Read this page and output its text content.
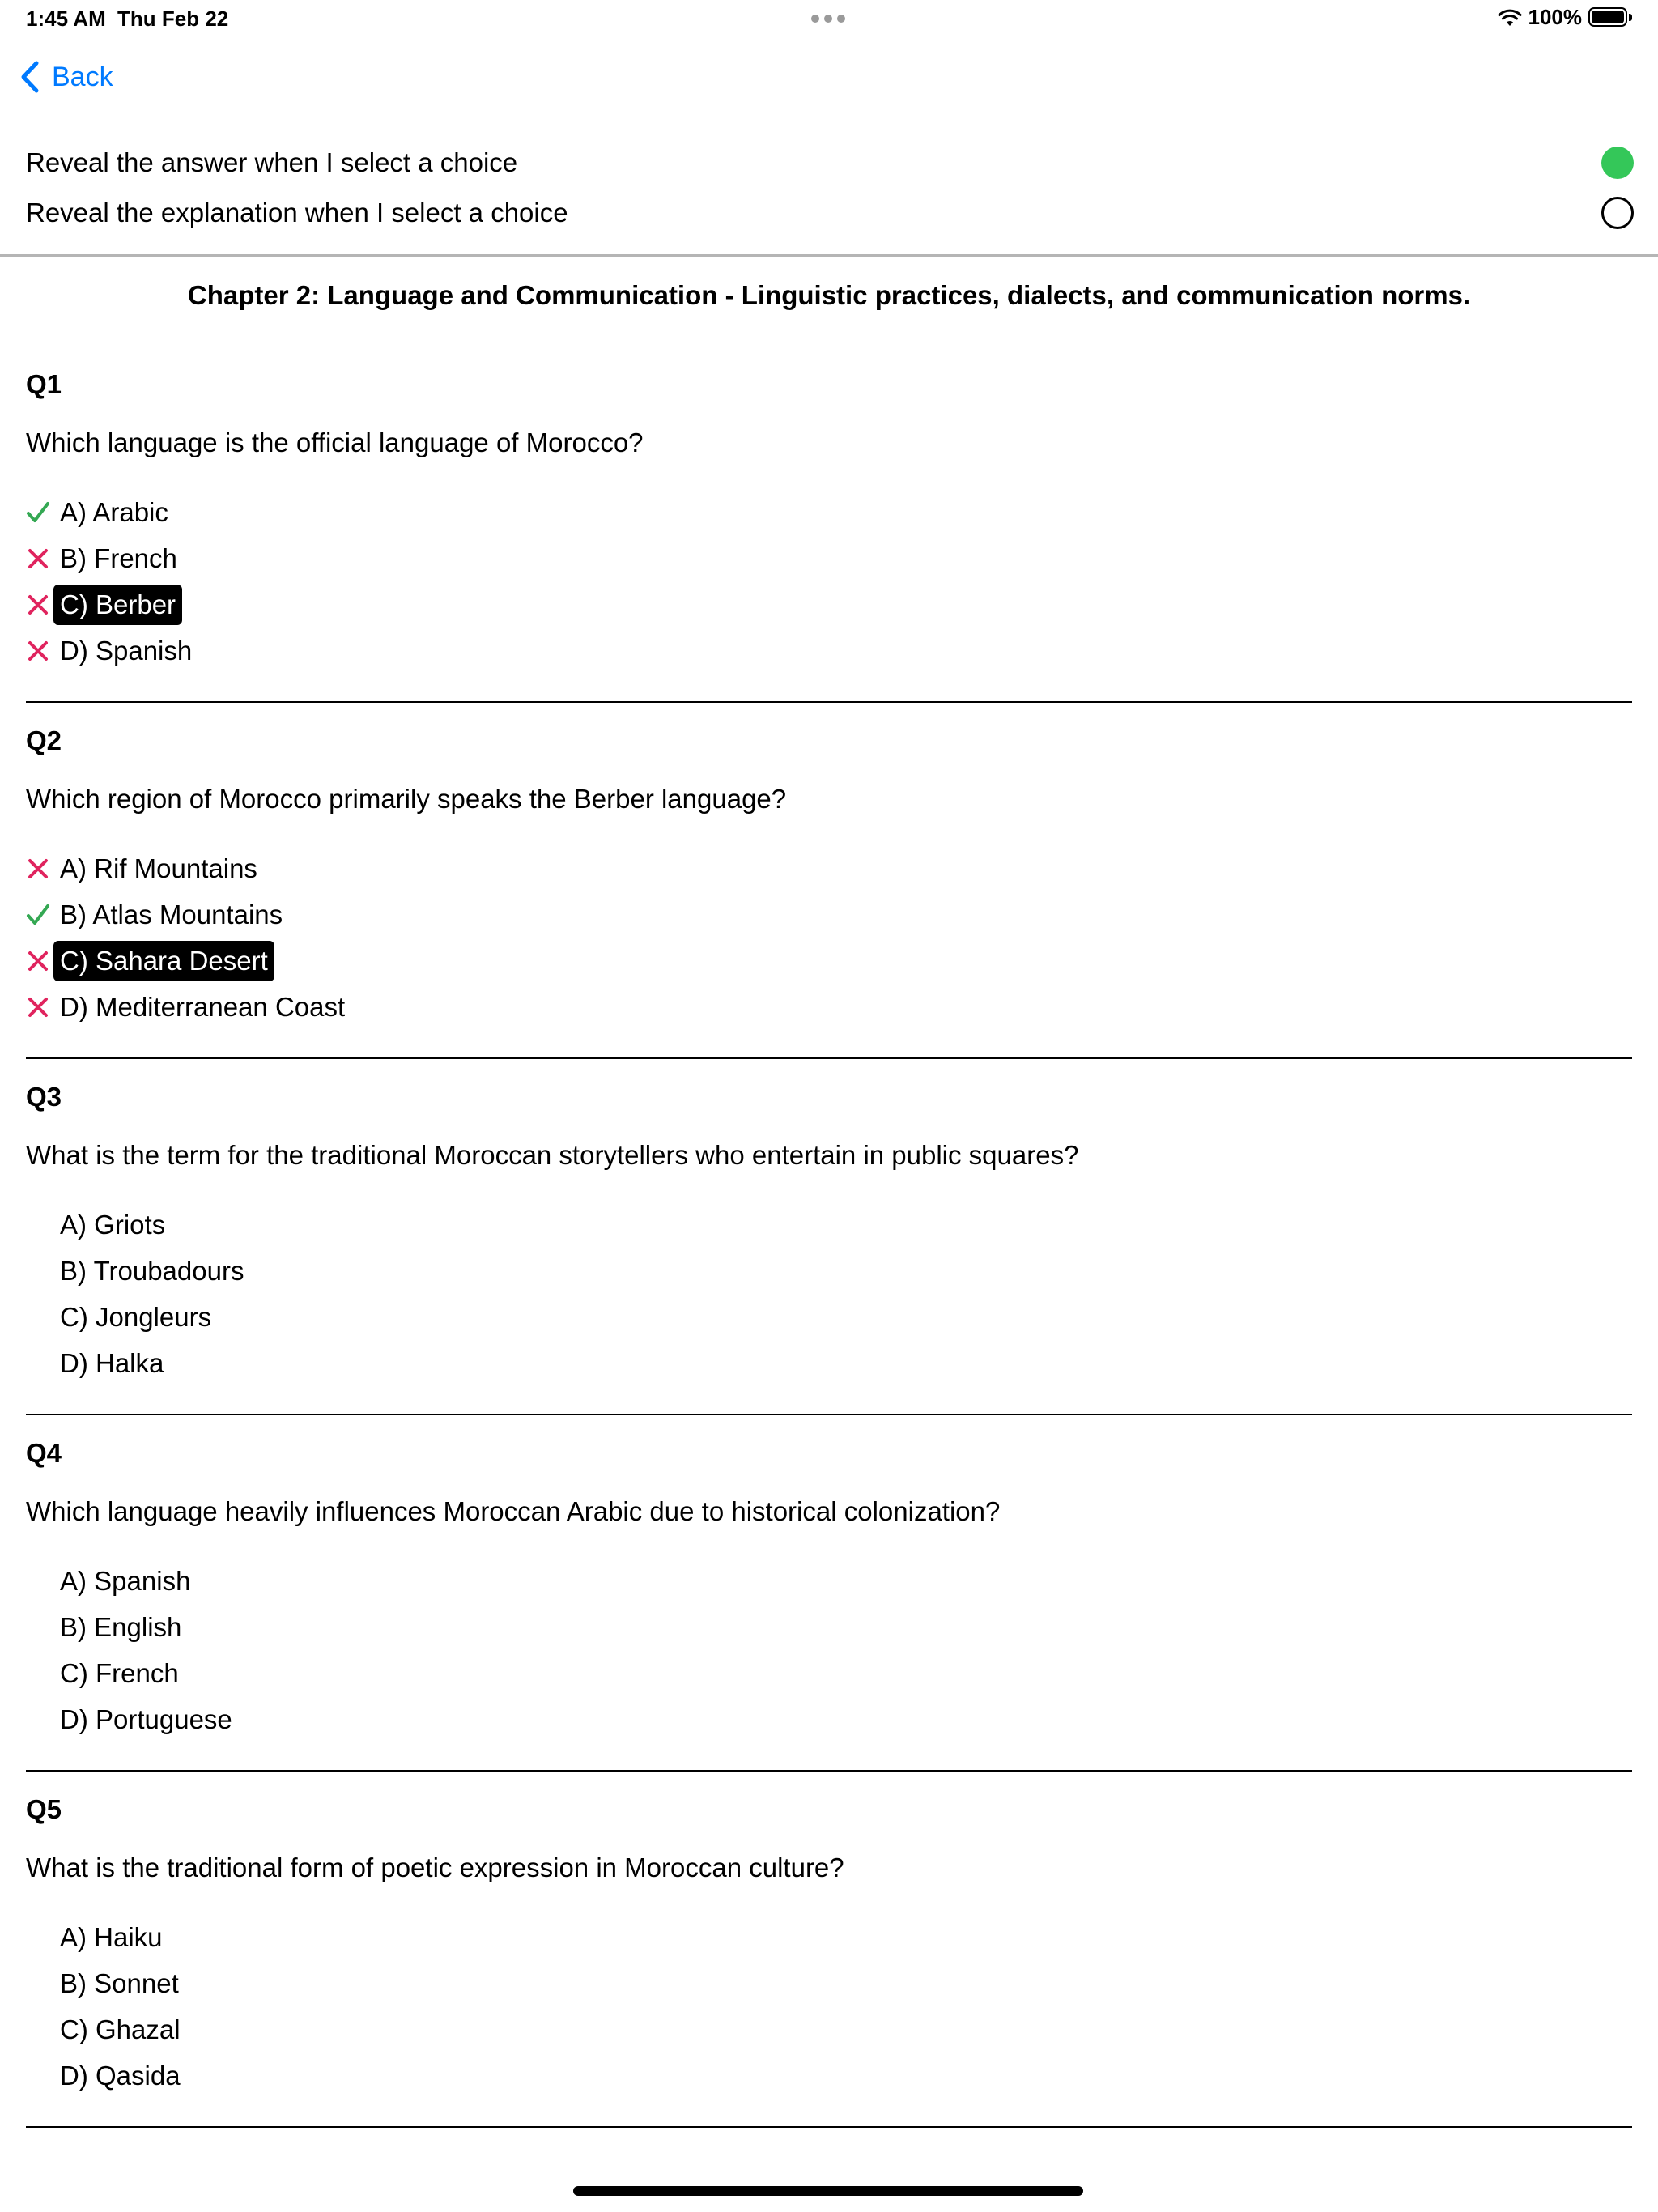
1:45 AM Thu Feb 22	100%
Back
Reveal the answer when I select a choice
Reveal the explanation when I select a choice
Chapter 2: Language and Communication - Linguistic practices, dialects, and communication norms.
Q1
Which language is the official language of Morocco?
A) Arabic
B) French
C) Berber
D) Spanish
Q2
Which region of Morocco primarily speaks the Berber language?
A) Rif Mountains
B) Atlas Mountains
C) Sahara Desert
D) Mediterranean Coast
Q3
What is the term for the traditional Moroccan storytellers who entertain in public squares?
A) Griots
B) Troubadours
C) Jongleurs
D) Halka
Q4
Which language heavily influences Moroccan Arabic due to historical colonization?
A) Spanish
B) English
C) French
D) Portuguese
Q5
What is the traditional form of poetic expression in Moroccan culture?
A) Haiku
B) Sonnet
C) Ghazal
D) Qasida
